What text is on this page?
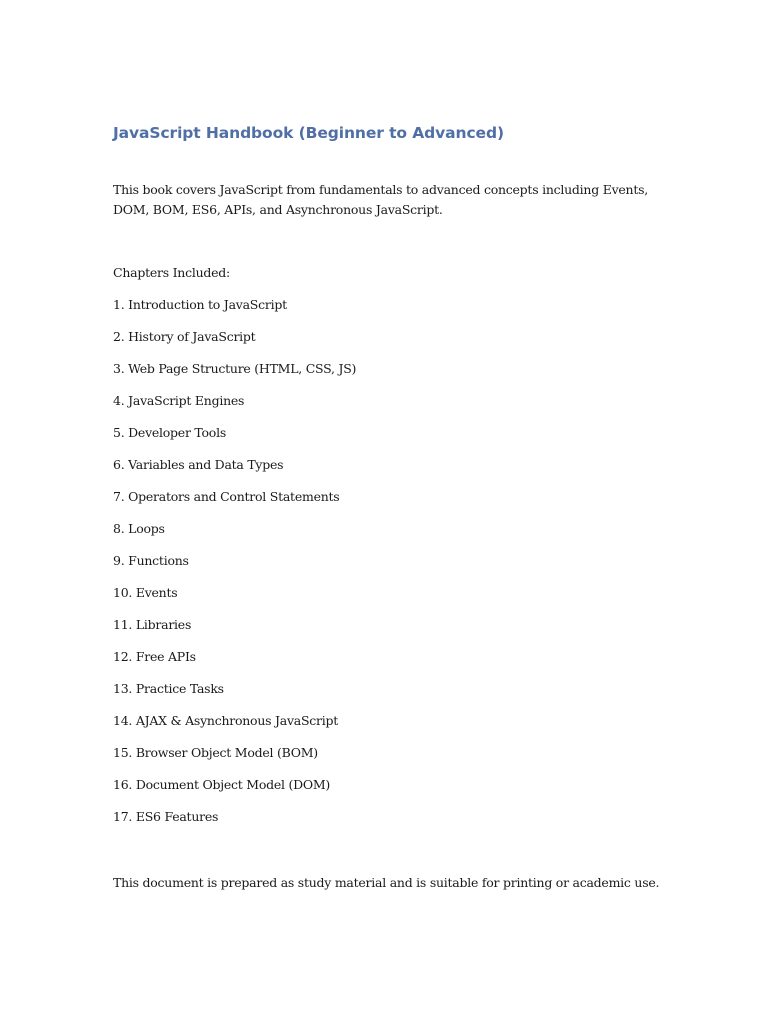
JavaScript Handbook (Beginner to Advanced)

This book covers JavaScript from fundamentals to advanced concepts including Events,
DOM, BOM, ES6, APIs, and Asynchronous JavaScript.

Chapters Included:

1. Introduction to JavaScript
2. History of JavaScript
3. Web Page Structure (HTML, CSS, JS)
4. JavaScript Engines
5. Developer Tools
6. Variables and Data Types
7. Operators and Control Statements
8. Loops
9. Functions
10. Events
11. Libraries
12. Free APIs
13. Practice Tasks
14. AJAX & Asynchronous JavaScript
15. Browser Object Model (BOM)
16. Document Object Model (DOM)
17. ES6 Features

This document is prepared as study material and is suitable for printing or academic use.
